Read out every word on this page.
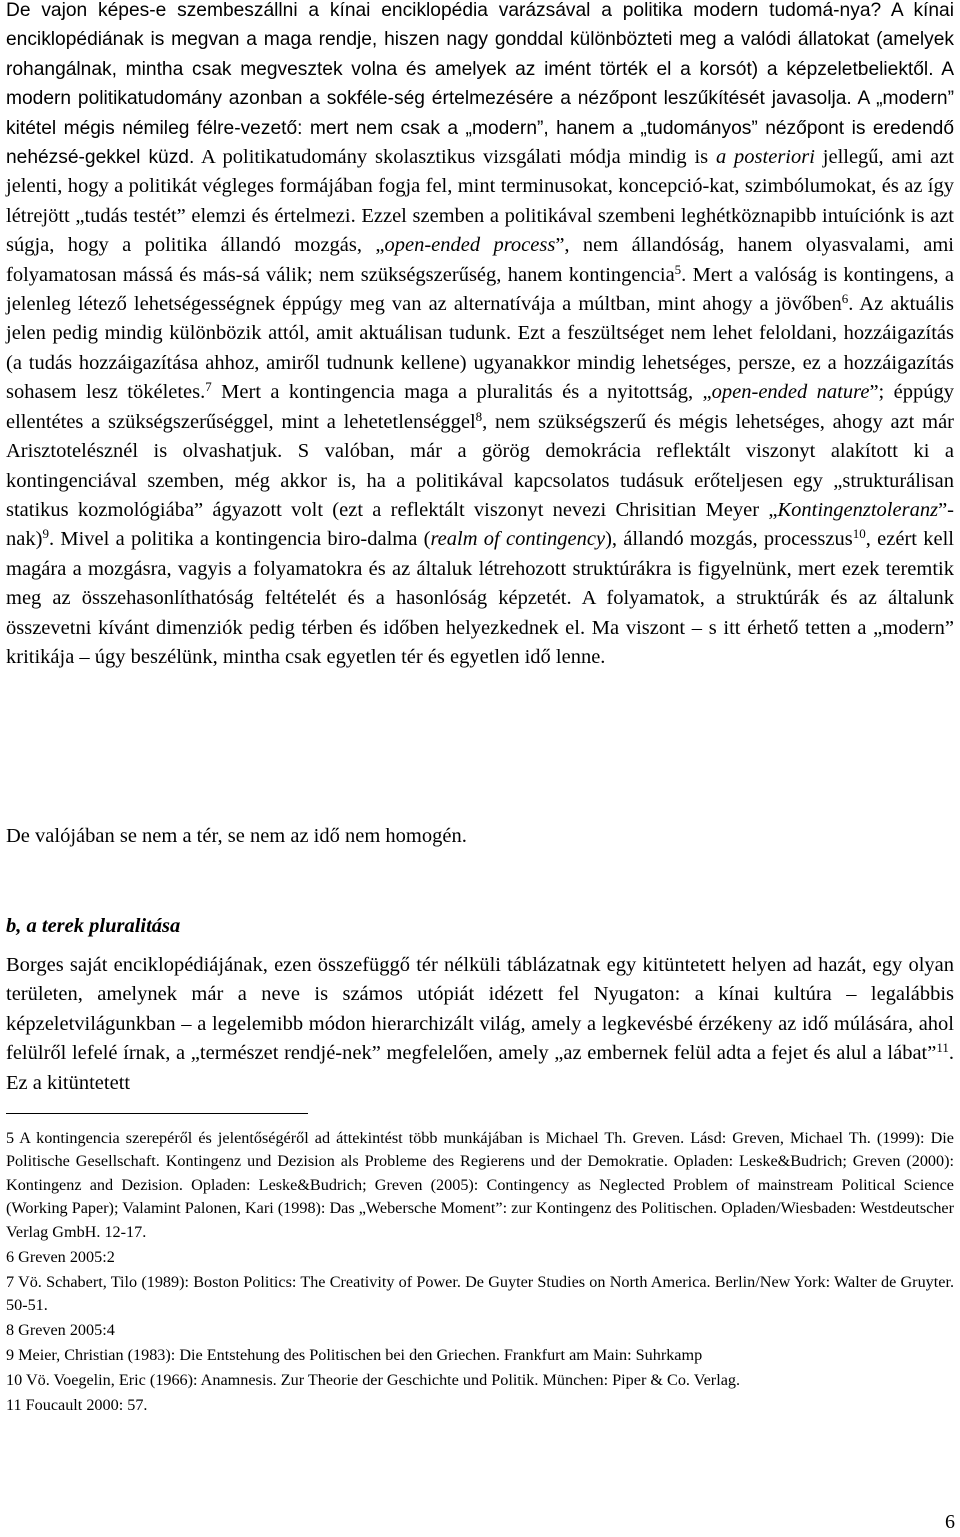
De vajon képes-e szembeszállni a kínai enciklopédia varázsával a politika modern tudomá-nya? A kínai enciklopédiának is megvan a maga rendje, hiszen nagy gonddal különbözteti meg a valódi állatokat (amelyek rohangálnak, mintha csak megvesztek volna és amelyek az imént törték el a korsót) a képzeletbeliektől. A modern politikatudomány azonban a sokféle-ség értelmezésére a nézőpont leszűkítését javasolja. A „modern” kitétel mégis némileg félre-vezető: mert nem csak a „modern”, hanem a „tudományos” nézőpont is eredendő nehézsé-gekkel küzd. A politikatudomány skolasztikus vizsgálati módja mindig is a posteriori jellegű, ami azt jelenti, hogy a politikát végleges formájában fogja fel, mint terminusokat, koncepció-kat, szimbólumokat, és az így létrejött „tudás testét” elemzi és értelmezi. Ezzel szemben a politikával szembeni leghétköznapibb intuíciónk is azt súgja, hogy a politika állandó mozgás, „open-ended process”, nem állandóság, hanem olyasvalami, ami folyamatosan mássá és más-sá válik; nem szükségszerűség, hanem kontingencia$^5$. Mert a valóság is kontingens, a jelenleg létező lehetségességnek éppúgy meg van az alternatívája a múltban, mint ahogy a jövőben$^6$. Az aktuális jelen pedig mindig különbözik attól, amit aktuálisan tudunk. Ezt a feszültséget nem lehet feloldani, hozzáigazítás (a tudás hozzáigazítása ahhoz, amiről tudnunk kellene) ugyanakkor mindig lehetséges, persze, ez a hozzáigazítás sohasem lesz tökéletes.$^7$ Mert a kontingencia maga a pluralitás és a nyitottság, „open-ended nature”; éppúgy ellentétes a szükségszerűséggel, mint a lehetetlenséggel$^8$, nem szükségszerű és mégis lehetséges, ahogy azt már Arisztotelésznél is olvashatjuk. S valóban, már a görög demokrácia reflektált viszonyt alakított ki a kontingenciával szemben, még akkor is, ha a politikával kapcsolatos tudásuk erőteljesen egy „strukturálisan statikus kozmológiába” ágyazott volt (ezt a reflektált viszonyt nevezi Chrisitian Meyer „Kontingenztoleranz”-nak)$^9$. Mivel a politika a kontingencia biro-dalma (realm of contingency), állandó mozgás, processzus$^{10}$, ezért kell magára a mozgásra, vagyis a folyamatokra és az általuk létrehozott struktúrákra is figyelnünk, mert ezek teremtik meg az összehasonlíthatóság feltételét és a hasonlóság képzetét. A folyamatok, a struktúrák és az általunk összevetni kívánt dimenziók pedig térben és időben helyezkednek el. Ma viszont – s itt érhető tetten a „modern” kritikája – úgy beszélünk, mintha csak egyetlen tér és egyetlen idő lenne.

De valójában se nem a tér, se nem az idő nem homogén.

b, a terek pluralitása

Borges saját enciklopédiájának, ezen összefüggő tér nélküli táblázatnak egy kitüntetett helyen ad hazát, egy olyan területen, amelynek már a neve is számos utópiát idézett fel Nyugaton: a kínai kultúra – legalábbis képzeletvilágunkban – a legelemibb módon hierarchizált világ, amely a legkevésbé érzékeny az idő múlására, ahol felülről lefelé írnak, a „természet rendjé-nek” megfelelően, amely „az embernek felül adta a fejet és alul a lábat”$^{11}$. Ez a kitüntetett

5 A kontingencia szerepéről és jelentőségéről ad áttekintést több munkájában is Michael Th. Greven. Lásd: Greven, Michael Th. (1999): Die Politische Gesellschaft. Kontingenz und Dezision als Probleme des Regierens und der Demokratie. Opladen: Leske&Budrich; Greven (2000): Kontingenz and Dezision. Opladen: Leske&Budrich; Greven (2005): Contingency as Neglected Problem of mainstream Political Science (Working Paper); Valamint Palonen, Kari (1998): Das „Webersche Moment”: zur Kontingenz des Politischen. Opladen/Wiesbaden: Westdeutscher Verlag GmbH. 12-17.

6 Greven 2005:2

7 Vö. Schabert, Tilo (1989): Boston Politics: The Creativity of Power. De Guyter Studies on North America. Berlin/New York: Walter de Gruyter. 50-51.

8 Greven 2005:4

9 Meier, Christian (1983): Die Entstehung des Politischen bei den Griechen. Frankfurt am Main: Suhrkamp

10 Vö. Voegelin, Eric (1966): Anamnesis. Zur Theorie der Geschichte und Politik. München: Piper & Co. Verlag.

11 Foucault 2000: 57.

6
